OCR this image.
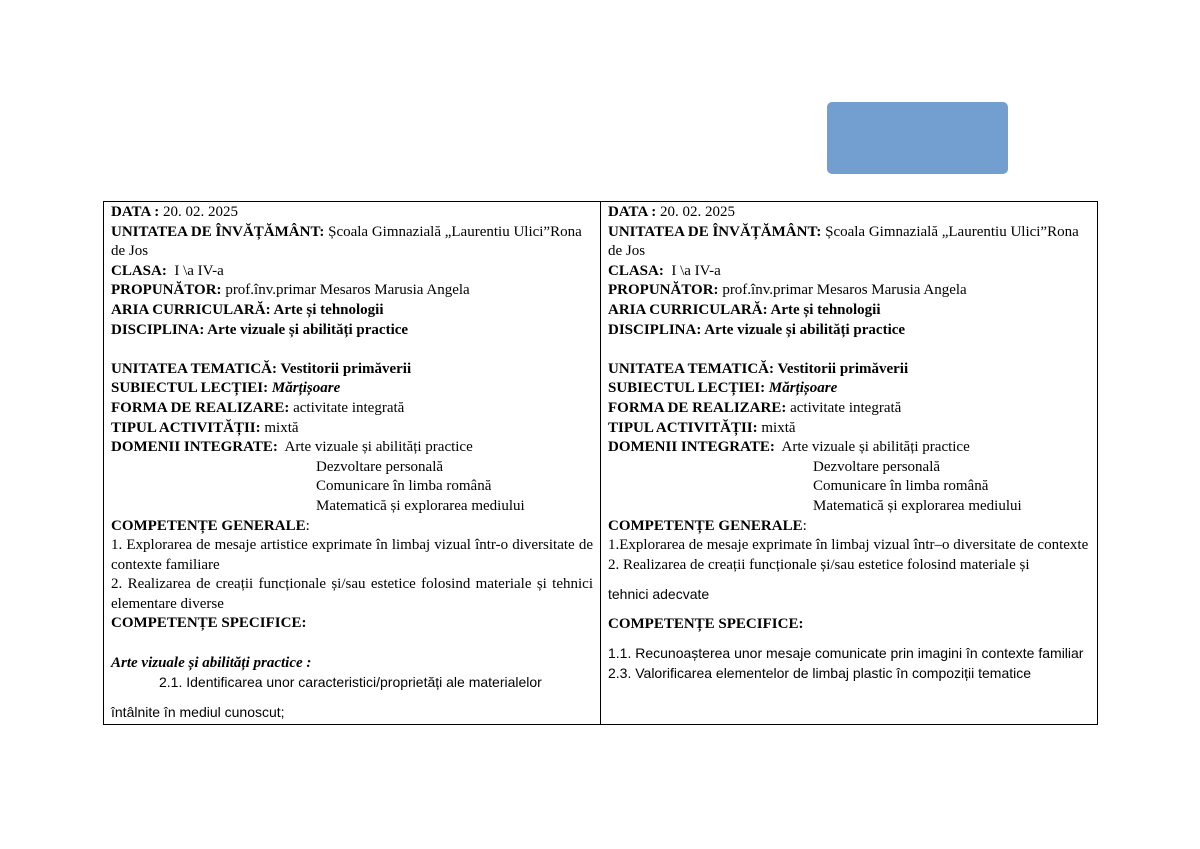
DATA : 20. 02. 2025
UNITATEA DE ÎNVĂȚĂMÂNT: Școala Gimnazială „Laurentiu Ulici”Rona de Jos
CLASA:  I \a IV-a
PROPUNĂTOR: prof.înv.primar Mesaros Marusia Angela
ARIA CURRICULARĂ: Arte și tehnologii
DISCIPLINA: Arte vizuale și abilități practice
UNITATEA TEMATICĂ: Vestitorii primăverii
SUBIECTUL LECȚIEI: Mărțișoare
FORMA DE REALIZARE: activitate integrată
TIPUL ACTIVITĂȚII: mixtă
DOMENII INTEGRATE:  Arte vizuale și abilități practice
Dezvoltare personală
Comunicare în limba română
Matematică și explorarea mediului
COMPETENȚE GENERALE:
1. Explorarea de mesaje artistice exprimate în limbaj vizual într-o diversitate de contexte familiare
2. Realizarea de creații funcționale și/sau estetice folosind materiale și tehnici elementare diverse
COMPETENȚE SPECIFICE:
Arte vizuale și abilități practice :
2.1. Identificarea unor caracteristici/proprietăți ale materialelor
întâlnite în mediul cunoscut;

DATA : 20. 02. 2025
UNITATEA DE ÎNVĂȚĂMÂNT: Școala Gimnazială „Laurentiu Ulici”Rona de Jos
CLASA:  I \a IV-a
PROPUNĂTOR: prof.înv.primar Mesaros Marusia Angela
ARIA CURRICULARĂ: Arte și tehnologii
DISCIPLINA: Arte vizuale și abilități practice
UNITATEA TEMATICĂ: Vestitorii primăverii
SUBIECTUL LECȚIEI: Mărțișoare
FORMA DE REALIZARE: activitate integrată
TIPUL ACTIVITĂȚII: mixtă
DOMENII INTEGRATE:  Arte vizuale și abilități practice
Dezvoltare personală
Comunicare în limba română
Matematică și explorarea mediului
COMPETENȚE GENERALE:
1.Explorarea de mesaje exprimate în limbaj vizual într–o diversitate de contexte
2. Realizarea de creații funcționale și/sau estetice folosind materiale și
tehnici adecvate
COMPETENȚE SPECIFICE:
1.1. Recunoașterea unor mesaje comunicate prin imagini în contexte familiar
2.3. Valorificarea elementelor de limbaj plastic în compoziții tematice
